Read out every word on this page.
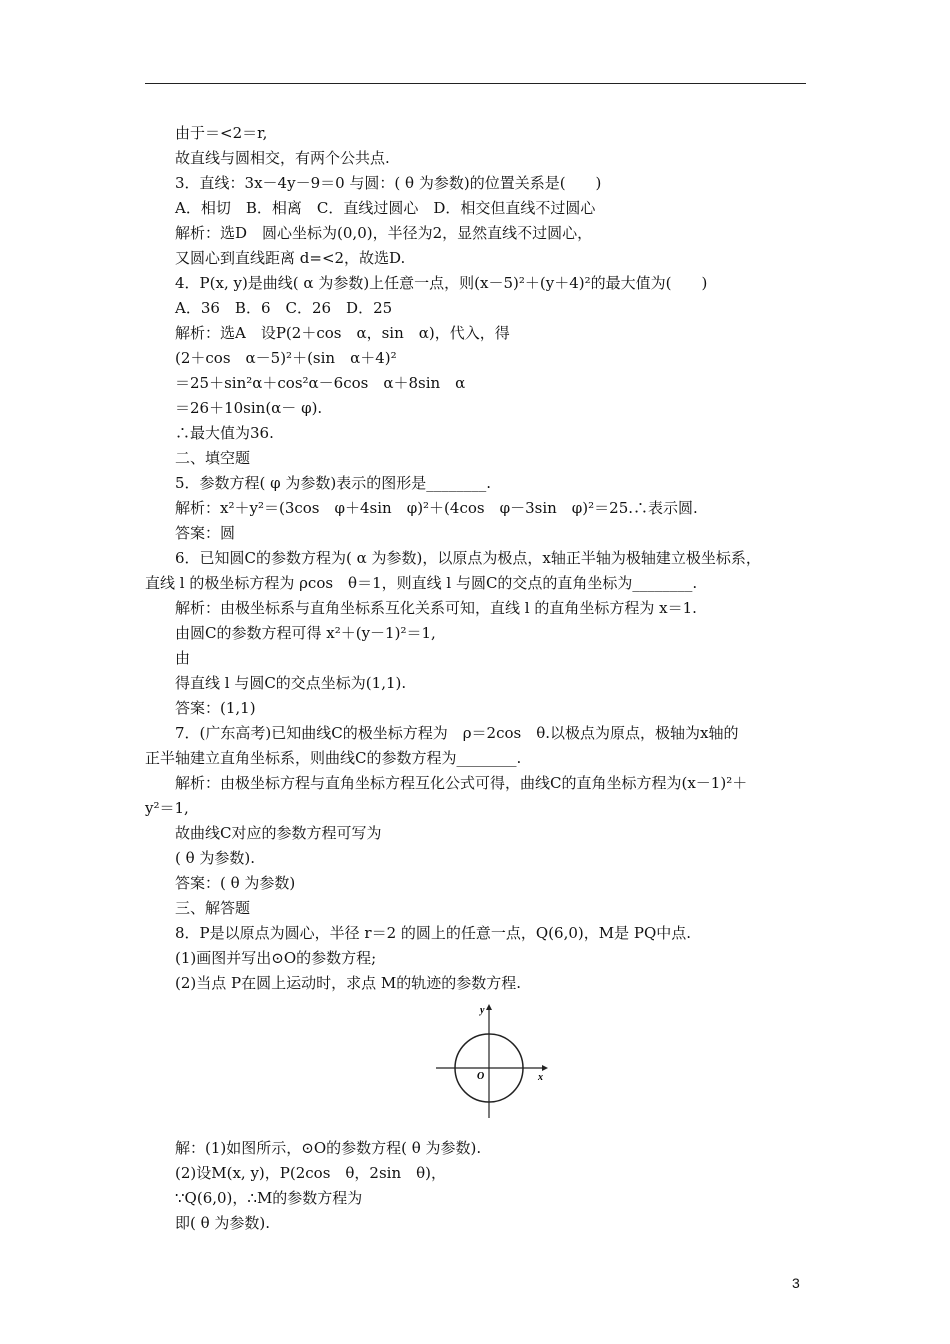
由于＝<2＝r,
故直线与圆相交，有两个公共点.
3．直线：3x－4y－9＝0 与圆：( θ 为参数)的位置关系是(　　)
A．相切　B．相离　C．直线过圆心　D．相交但直线不过圆心
解析：选D　圆心坐标为(0,0)，半径为2，显然直线不过圆心，
又圆心到直线距离 d=<2，故选D.
4．P(x, y)是曲线( α 为参数)上任意一点，则(x－5)²＋(y＋4)²的最大值为(　　)
A．36　B．6　C．26　D．25
解析：选A　设P(2＋cos　α，sin　α)，代入，得
(2＋cos　α－5)²＋(sin　α＋4)²
＝25＋sin²α＋cos²α－6cos　α＋8sin　α
＝26＋10sin(α－ φ).
∴最大值为36.
二、填空题
5．参数方程( φ 为参数)表示的图形是________.
解析：x²＋y²＝(3cos　φ＋4sin　φ)²＋(4cos　φ－3sin　φ)²＝25.∴表示圆.
答案：圆
6．已知圆C的参数方程为( α 为参数)，以原点为极点，x轴正半轴为极轴建立极坐标系，
直线 l 的极坐标方程为 ρcos　θ＝1，则直线 l 与圆C的交点的直角坐标为________.
解析：由极坐标系与直角坐标系互化关系可知，直线 l 的直角坐标方程为 x＝1.
由圆C的参数方程可得 x²＋(y－1)²＝1,
由
得直线 l 与圆C的交点坐标为(1,1).
答案：(1,1)
7．(广东高考)已知曲线C的极坐标方程为　ρ＝2cos　θ.以极点为原点，极轴为x轴的
正半轴建立直角坐标系，则曲线C的参数方程为________.
解析：由极坐标方程与直角坐标方程互化公式可得，曲线C的直角坐标方程为(x－1)²＋
y²＝1,
故曲线C对应的参数方程可写为
( θ 为参数).
答案：( θ 为参数)
三、解答题
8．P是以原点为圆心，半径 r＝2 的圆上的任意一点，Q(6,0)，M是 PQ中点.
(1)画图并写出⊙O的参数方程;
(2)当点 P在圆上运动时，求点 M的轨迹的参数方程.
解：(1)如图所示，⊙O的参数方程( θ 为参数).
(2)设M(x, y)，P(2cos　θ，2sin　θ)，
∵Q(6,0)，∴M的参数方程为
即( θ 为参数).
x
y
O
3
